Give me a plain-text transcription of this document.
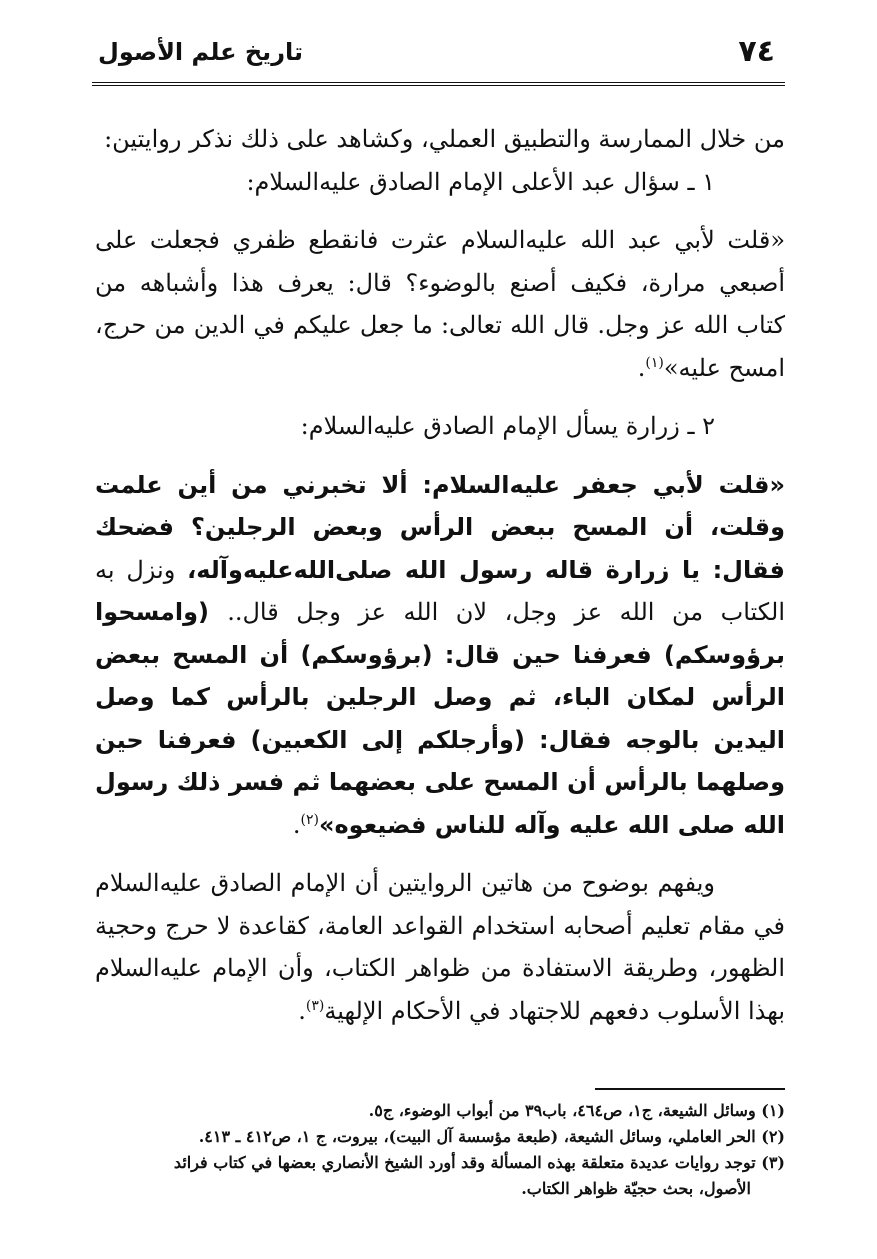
٧٤
تاريخ علم الأصول

من خلال الممارسة والتطبيق العملي، وكشاهد على ذلك نذكر روايتين:

١ ـ سؤال عبد الأعلى الإمام الصادق عليه‌السلام:

«قلت لأبي عبد الله عليه‌السلام عثرت فانقطع ظفري فجعلت على أصبعي مرارة، فكيف أصنع بالوضوء؟ قال: يعرف هذا وأشباهه من كتاب الله عز وجل. قال الله تعالى: ما جعل عليكم في الدين من حرج، امسح عليه»$^{(١)}$.

٢ ـ زرارة يسأل الإمام الصادق عليه‌السلام:

«قلت لأبي جعفر عليه‌السلام: ألا تخبرني من أين علمت وقلت، أن المسح ببعض الرأس وبعض الرجلين؟ فضحك فقال: يا زرارة قاله رسول الله صلى‌الله‌عليه‌وآله، ونزل به الكتاب من الله عز وجل، لان الله عز وجل قال.. (وامسحوا برؤوسكم) فعرفنا حين قال: (برؤوسكم) أن المسح ببعض الرأس لمكان الباء، ثم وصل الرجلين بالرأس كما وصل اليدين بالوجه فقال: (وأرجلكم إلى الكعبين) فعرفنا حين وصلهما بالرأس أن المسح على بعضهما ثم فسر ذلك رسول الله صلى الله عليه وآله للناس فضيعوه»$^{(٢)}$.

ويفهم بوضوح من هاتين الروايتين أن الإمام الصادق عليه‌السلام في مقام تعليم أصحابه استخدام القواعد العامة، كقاعدة لا حرج وحجية الظهور، وطريقة الاستفادة من ظواهر الكتاب، وأن الإمام عليه‌السلام بهذا الأسلوب دفعهم للاجتهاد في الأحكام الإلهية$^{(٣)}$.

(١) وسائل الشيعة، ج١، ص٤٦٤، باب٣٩ من أبواب الوضوء، ج٥.

(٢) الحر العاملي، وسائل الشيعة، (طبعة مؤسسة آل البيت)، بيروت، ج ١، ص٤١٢ ـ ٤١٣.

(٣) توجد روايات عديدة متعلقة بهذه المسألة وقد أورد الشيخ الأنصاري بعضها في كتاب فرائد

الأصول، بحث حجيّة ظواهر الكتاب.
